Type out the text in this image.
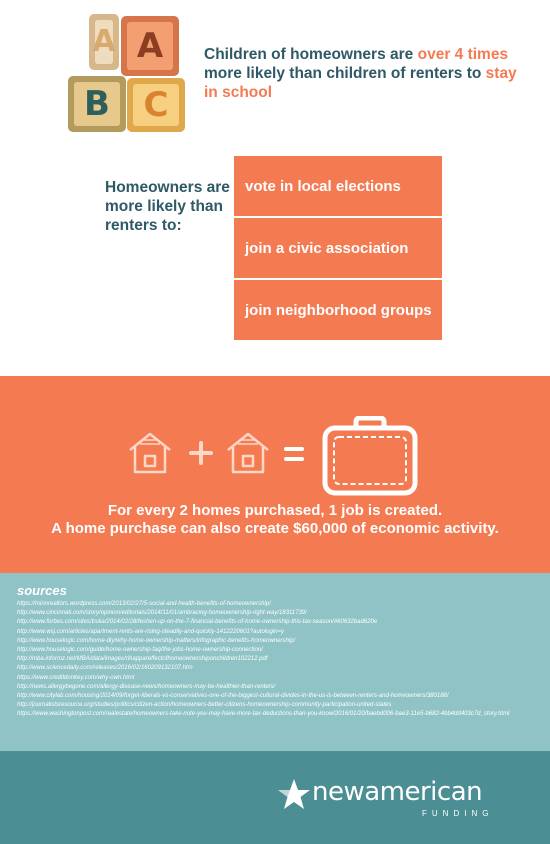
A A
B C

Children of homeowners are over 4 times more likely than children of renters to stay in school

Homeowners are more likely than renters to:

vote in local elections
join a civic association
join neighborhood groups

For every 2 homes purchased, 1 job is created.

A home purchase can also create $60,000 of economic activity.

sources
https://minnrealtors.wordpress.com/2013/02/27/5-social-and-health-benefits-of-homeownership/
http://www.cincinnati.com/story/opinion/editorials/2014/11/01/ambracing-homeownership-right-way/18311739/
http://www.forbes.com/sites/trulia/2014/02/28/feshen-up-on-the-7-financial-benefits-of-home-ownership-this-tax-season/#60632bad620e
http://www.wsj.com/articles/apartment-rents-are-rising-steadily-and-quickly-1412220601?autologin=y
http://www.houselogic.com/home-diy/why-home-ownership-matters/infographic-benefits-homeownership/
http://www.houselogic.com/guide/home-ownership-faq/the-jobs-home-ownership-connection/
http://mba.informz.net/MBA/data/images/rihappareffectofhomeownershiponchildren102212.pdf
http://www.sciencedaily.com/releases/2016/02/160209132107.htm
https://www.creditdonkey.com/why-own.html
http://news.allergybegone.com/allergy-disease-news/homeowners-may-be-healthier-than-renters/
http://www.citylab.com/housing/2014/09/forget-liberals-vs-conservatives-one-of-the-biggest-cultural-divides-in-the-us-is-between-renters-and-homeowners/380188/
http://journalistsresource.org/studies/politics/citizen-action/homeowners-better-citizens-homeownership-community-participation-united-states
https://www.washingtonpost.com/realestate/homeowners-take-note-you-may-have-more-tax-deductions-than-you-know/2016/01/20/baebd006-bae3-11e5-b682-4bb4dd403c7d_story.html
newamerican
FUNDING
